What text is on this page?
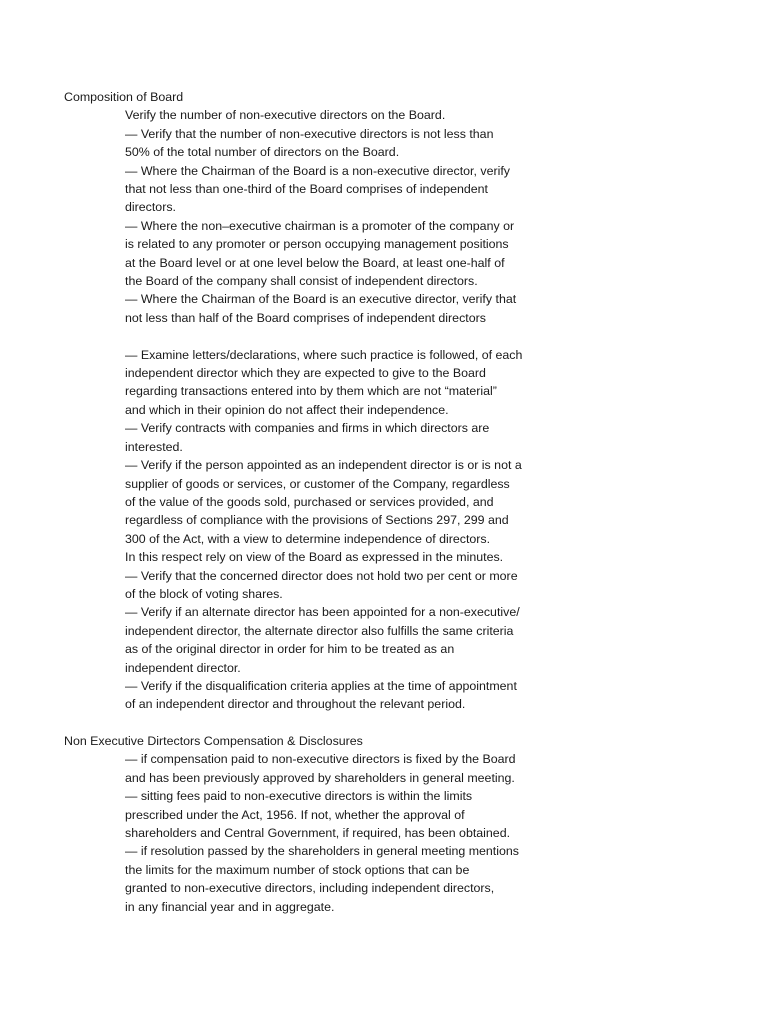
Composition of Board
Verify the number of non-executive directors on the Board.
— Verify that the number of non-executive directors is not less than
50% of the total number of directors on the Board.
— Where the Chairman of the Board is a non-executive director, verify
that not less than one-third of the Board comprises of independent
directors.
— Where the non–executive chairman is a promoter of the company or
is related to any promoter or person occupying management positions
at the Board level or at one level below the Board, at least one-half of
the Board of the company shall consist of independent directors.
— Where the Chairman of the Board is an executive director, verify that
not less than half of the Board comprises of independent directors
— Examine letters/declarations, where such practice is followed, of each
independent director which they are expected to give to the Board
regarding transactions entered into by them which are not “material”
and which in their opinion do not affect their independence.
— Verify contracts with companies and firms in which directors are
interested.
— Verify if the person appointed as an independent director is or is not a
supplier of goods or services, or customer of the Company, regardless
of the value of the goods sold, purchased or services provided, and
regardless of compliance with the provisions of Sections 297, 299 and
300 of the Act, with a view to determine independence of directors.
In this respect rely on view of the Board as expressed in the minutes.
— Verify that the concerned director does not hold two per cent or more
of the block of voting shares.
— Verify if an alternate director has been appointed for a non-executive/
independent director, the alternate director also fulfills the same criteria
as of the original director in order for him to be treated as an
independent director.
— Verify if the disqualification criteria applies at the time of appointment
of an independent director and throughout the relevant period.
Non Executive Dirtectors Compensation & Disclosures
— if compensation paid to non-executive directors is fixed by the Board
and has been previously approved by shareholders in general meeting.
— sitting fees paid to non-executive directors is within the limits
prescribed under the Act, 1956. If not, whether the approval of
shareholders and Central Government, if required, has been obtained.
— if resolution passed by the shareholders in general meeting mentions
the limits for the maximum number of stock options that can be
granted to non-executive directors, including independent directors,
in any financial year and in aggregate.
